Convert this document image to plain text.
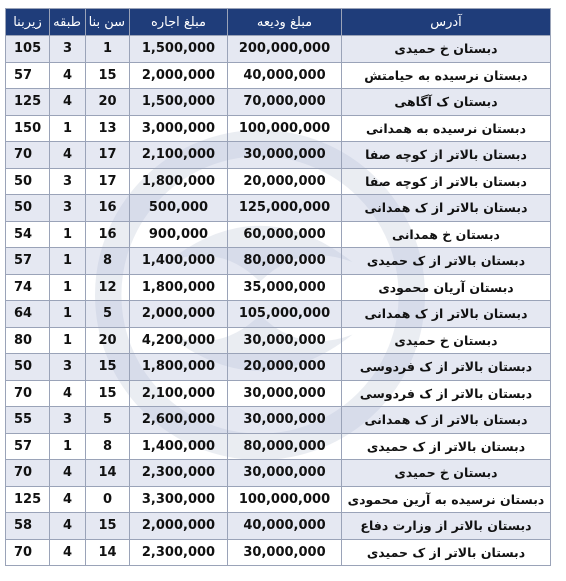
آدرس	مبلغ ودیعه	مبلغ اجاره	سن بنا	طبقه	زیربنا
دبستان خ حمیدی	200,000,000	1,500,000	1	3	105
دبستان نرسیده به حیامتش	40,000,000	2,000,000	15	4	57
دبستان ک آگاهی	70,000,000	1,500,000	20	4	125
دبستان نرسیده به همدانی	100,000,000	3,000,000	13	1	150
دبستان بالاتر از کوچه صفا	30,000,000	2,100,000	17	4	70
دبستان بالاتر از کوچه صفا	20,000,000	1,800,000	17	3	50
دبستان بالاتر از ک همدانی	125,000,000	500,000	16	3	50
دبستان خ همدانی	60,000,000	900,000	16	1	54
دبستان بالاتر از ک حمیدی	80,000,000	1,400,000	8	1	57
دبستان آریان محمودی	35,000,000	1,800,000	12	1	74
دبستان بالاتر از ک همدانی	105,000,000	2,000,000	5	1	64
دبستان خ حمیدی	30,000,000	4,200,000	20	1	80
دبستان بالاتر از ک فردوسی	20,000,000	1,800,000	15	3	50
دبستان بالاتر از ک فردوسی	30,000,000	2,100,000	15	4	70
دبستان بالاتر از ک همدانی	30,000,000	2,600,000	5	3	55
دبستان بالاتر از ک حمیدی	80,000,000	1,400,000	8	1	57
دبستان خ حمیدی	30,000,000	2,300,000	14	4	70
دبستان نرسیده به آرین محمودی	100,000,000	3,300,000	0	4	125
دبستان بالاتر از وزارت دفاع	40,000,000	2,000,000	15	4	58
دبستان بالاتر از ک حمیدی	30,000,000	2,300,000	14	4	70
